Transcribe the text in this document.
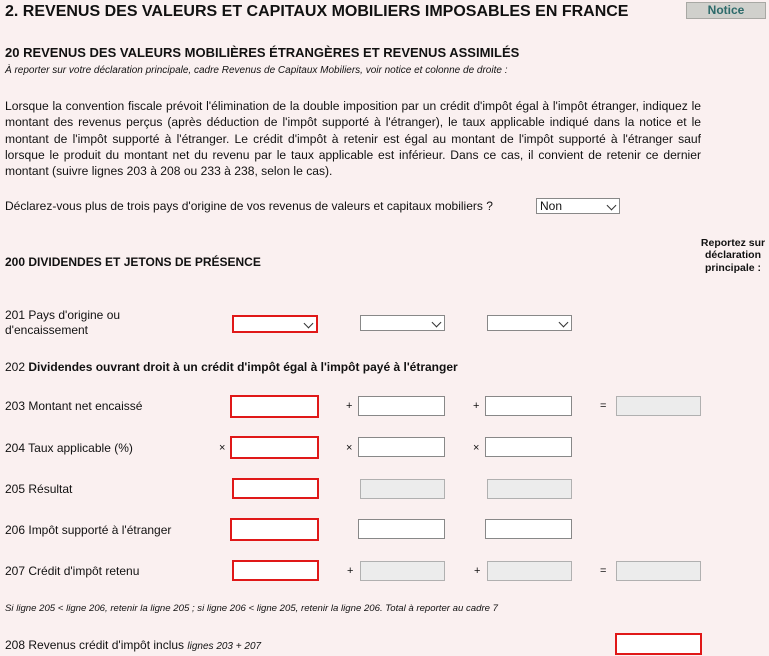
2. REVENUS DES VALEURS ET CAPITAUX MOBILIERS IMPOSABLES EN FRANCE	Notice
20 REVENUS DES VALEURS MOBILIÈRES ÉTRANGÈRES ET REVENUS ASSIMILÉS
À reporter sur votre déclaration principale, cadre Revenus de Capitaux Mobiliers, voir notice et colonne de droite :
Lorsque la convention fiscale prévoit l'élimination de la double imposition par un crédit d'impôt égal à l'impôt étranger, indiquez le montant des revenus perçus (après déduction de l'impôt supporté à l'étranger), le taux applicable indiqué dans la notice et le montant de l'impôt supporté à l'étranger. Le crédit d'impôt à retenir est égal au montant de l'impôt supporté à l'étranger sauf lorsque le produit du montant net du revenu par le taux applicable est inférieur. Dans ce cas, il convient de retenir ce dernier montant (suivre lignes 203 à 208 ou 233 à 238, selon le cas).
Déclarez-vous plus de trois pays d'origine de vos revenus de valeurs et capitaux mobiliers ?	Non
Reportez sur déclaration principale :
200 DIVIDENDES ET JETONS DE PRÉSENCE
201 Pays d'origine ou d'encaissement
202 Dividendes ouvrant droit à un crédit d'impôt égal à l'impôt payé à l'étranger
203 Montant net encaissé	+	+	=
204 Taux applicable (%)	×	×	×
205 Résultat
206 Impôt supporté à l'étranger
207 Crédit d'impôt retenu	+	+	=
Si ligne 205 < ligne 206, retenir la ligne 205 ; si ligne 206 < ligne 205, retenir la ligne 206. Total à reporter au cadre 7
208 Revenus crédit d'impôt inclus lignes 203 + 207
